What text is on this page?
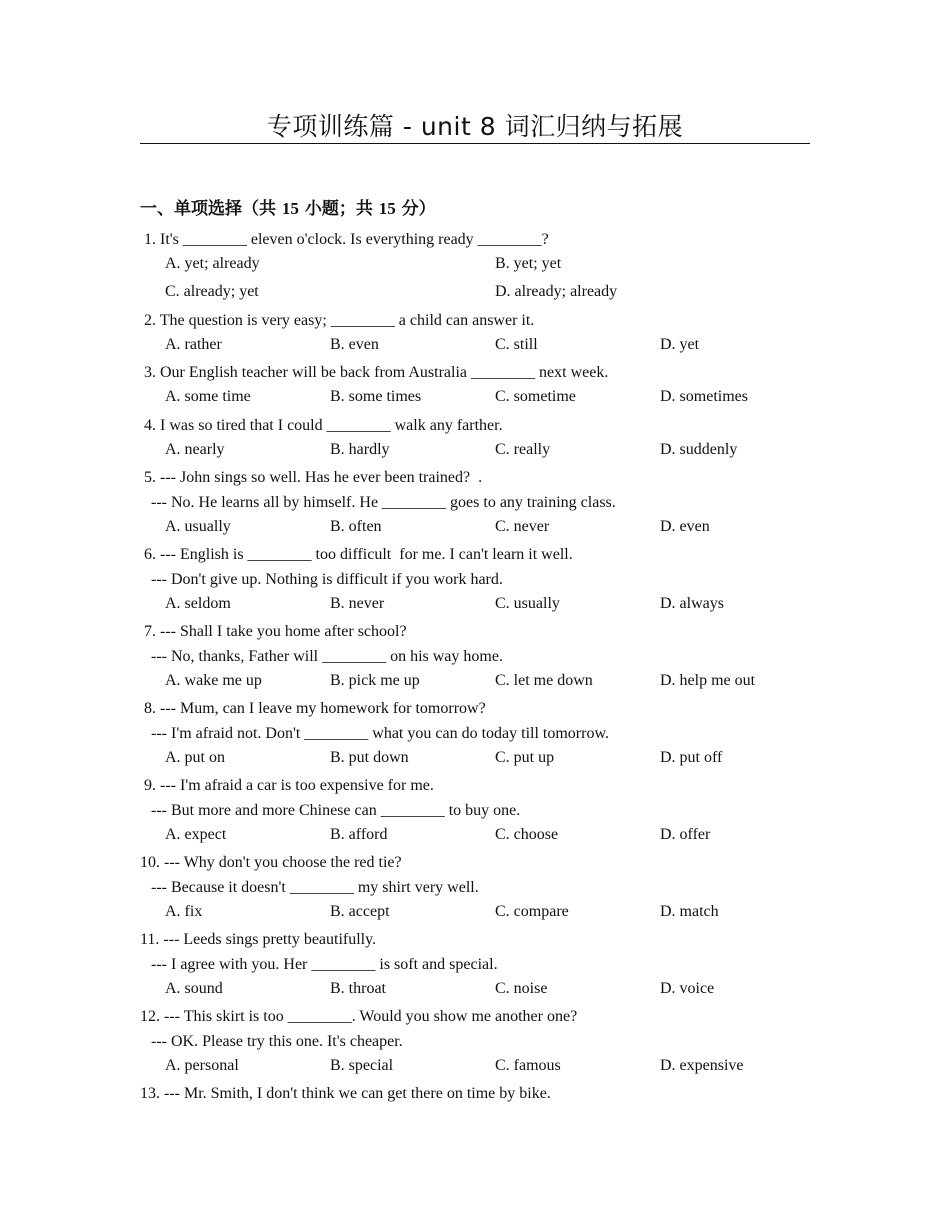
专项训练篇 - unit 8 词汇归纳与拓展
一、单项选择（共 15 小题；共 15 分）
1. It's ________ eleven o'clock. Is everything ready ________?
A. yet; already	B. yet; yet
C. already; yet	D. already; already
2. The question is very easy; ________ a child can answer it.
A. rather	B. even	C. still	D. yet
3. Our English teacher will be back from Australia ________ next week.
A. some time	B. some times	C. sometime	D. sometimes
4. I was so tired that I could ________ walk any farther.
A. nearly	B. hardly	C. really	D. suddenly
5. --- John sings so well. Has he ever been trained?  .
--- No. He learns all by himself. He ________ goes to any training class.
A. usually	B. often	C. never	D. even
6. --- English is ________ too difficult  for me. I can't learn it well.
--- Don't give up. Nothing is difficult if you work hard.
A. seldom	B. never	C. usually	D. always
7. --- Shall I take you home after school?
--- No, thanks, Father will ________ on his way home.
A. wake me up	B. pick me up	C. let me down	D. help me out
8. --- Mum, can I leave my homework for tomorrow?
--- I'm afraid not. Don't ________ what you can do today till tomorrow.
A. put on	B. put down	C. put up	D. put off
9. --- I'm afraid a car is too expensive for me.
--- But more and more Chinese can ________ to buy one.
A. expect	B. afford	C. choose	D. offer
10. --- Why don't you choose the red tie?
--- Because it doesn't ________ my shirt very well.
A. fix	B. accept	C. compare	D. match
11. --- Leeds sings pretty beautifully.
--- I agree with you. Her ________ is soft and special.
A. sound	B. throat	C. noise	D. voice
12. --- This skirt is too ________. Would you show me another one?
--- OK. Please try this one. It's cheaper.
A. personal	B. special	C. famous	D. expensive
13. --- Mr. Smith, I don't think we can get there on time by bike.
